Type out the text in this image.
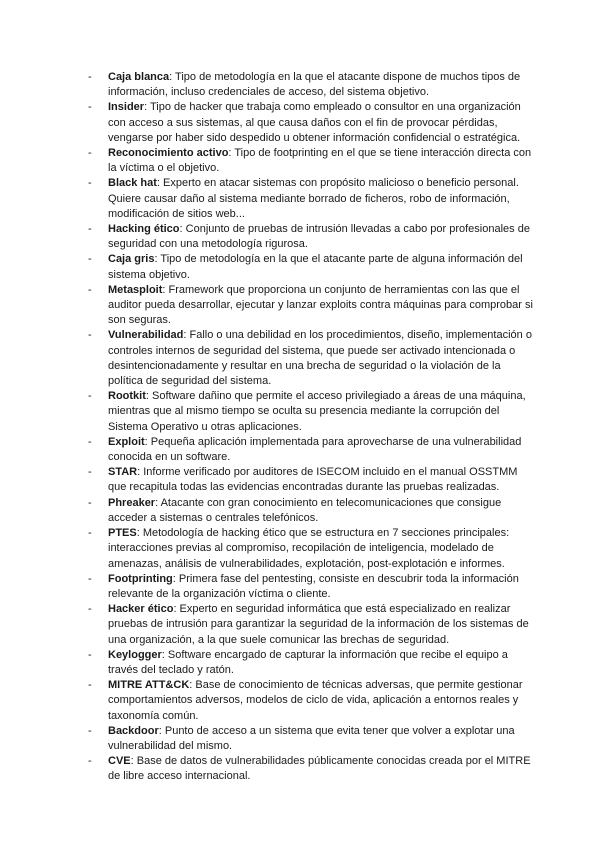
-	Caja blanca: Tipo de metodología en la que el atacante dispone de muchos tipos de información, incluso credenciales de acceso, del sistema objetivo.
-	Insider: Tipo de hacker que trabaja como empleado o consultor en una organización con acceso a sus sistemas, al que causa daños con el fin de provocar pérdidas, vengarse por haber sido despedido u obtener información confidencial o estratégica.
-	Reconocimiento activo: Tipo de footprinting en el que se tiene interacción directa con la víctima o el objetivo.
-	Black hat: Experto en atacar sistemas con propósito malicioso o beneficio personal. Quiere causar daño al sistema mediante borrado de ficheros, robo de información, modificación de sitios web...
-	Hacking ético: Conjunto de pruebas de intrusión llevadas a cabo por profesionales de seguridad con una metodología rigurosa.
-	Caja gris: Tipo de metodología en la que el atacante parte de alguna información del sistema objetivo.
-	Metasploit: Framework que proporciona un conjunto de herramientas con las que el auditor pueda desarrollar, ejecutar y lanzar exploits contra máquinas para comprobar si son seguras.
-	Vulnerabilidad: Fallo o una debilidad en los procedimientos, diseño, implementación o controles internos de seguridad del sistema, que puede ser activado intencionada o desintencionadamente y resultar en una brecha de seguridad o la violación de la política de seguridad del sistema.
-	Rootkit: Software dañino que permite el acceso privilegiado a áreas de una máquina, mientras que al mismo tiempo se oculta su presencia mediante la corrupción del Sistema Operativo u otras aplicaciones.
-	Exploit: Pequeña aplicación implementada para aprovecharse de una vulnerabilidad conocida en un software.
-	STAR: Informe verificado por auditores de ISECOM incluido en el manual OSSTMM que recapitula todas las evidencias encontradas durante las pruebas realizadas.
-	Phreaker: Atacante con gran conocimiento en telecomunicaciones que consigue acceder a sistemas o centrales telefónicos.
-	PTES: Metodología de hacking ético que se estructura en 7 secciones principales: interacciones previas al compromiso, recopilación de inteligencia, modelado de amenazas, análisis de vulnerabilidades, explotación, post-explotación e informes.
-	Footprinting: Primera fase del pentesting, consiste en descubrir toda la información relevante de la organización víctima o cliente.
-	Hacker ético: Experto en seguridad informática que está especializado en realizar pruebas de intrusión para garantizar la seguridad de la información de los sistemas de una organización, a la que suele comunicar las brechas de seguridad.
-	Keylogger: Software encargado de capturar la información que recibe el equipo a través del teclado y ratón.
-	MITRE ATT&CK: Base de conocimiento de técnicas adversas, que permite gestionar comportamientos adversos, modelos de ciclo de vida, aplicación a entornos reales y taxonomía común.
-	Backdoor: Punto de acceso a un sistema que evita tener que volver a explotar una vulnerabilidad del mismo.
-	CVE: Base de datos de vulnerabilidades públicamente conocidas creada por el MITRE de libre acceso internacional.
